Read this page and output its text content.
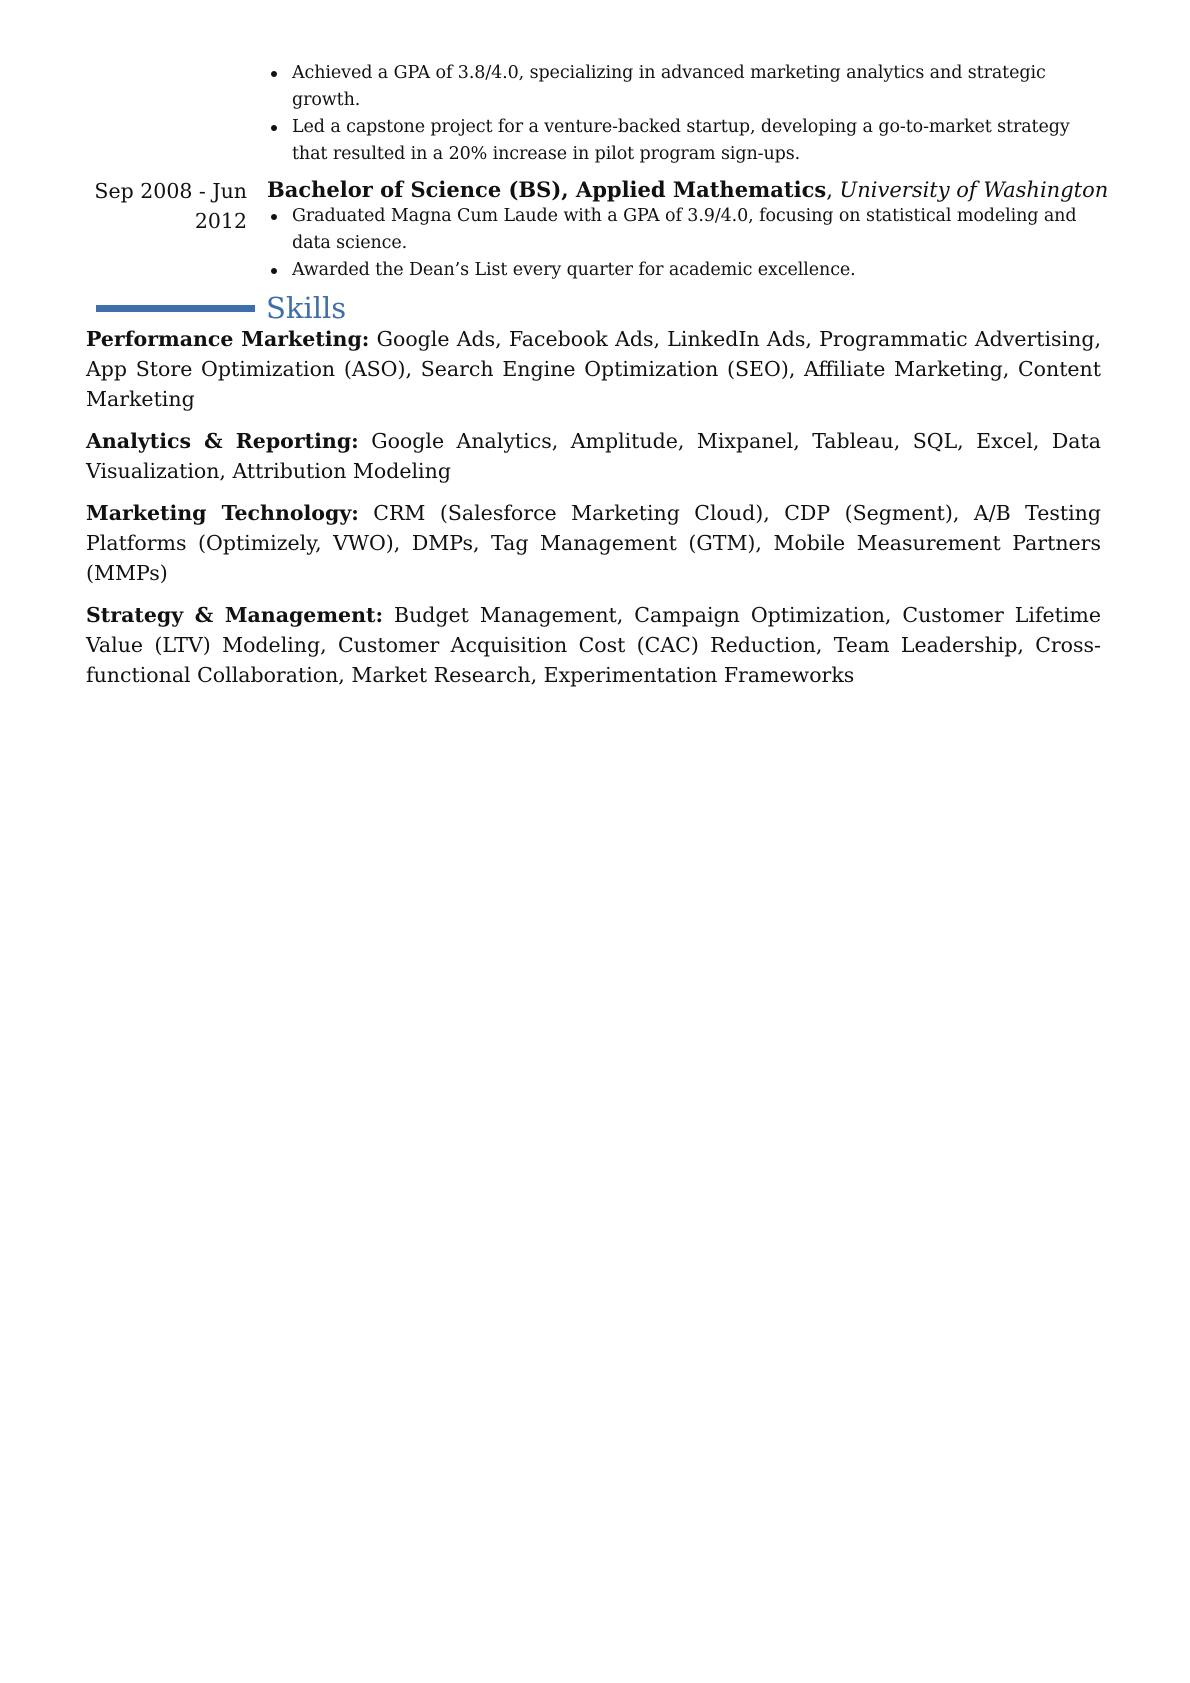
Achieved a GPA of 3.8/4.0, specializing in advanced marketing analytics and strategic growth.
Led a capstone project for a venture-backed startup, developing a go-to-market strategy that resulted in a 20% increase in pilot program sign-ups.
Sep 2008 - Jun 2012
Bachelor of Science (BS), Applied Mathematics, University of Washington
Graduated Magna Cum Laude with a GPA of 3.9/4.0, focusing on statistical modeling and data science.
Awarded the Dean’s List every quarter for academic excellence.
Skills

Performance Marketing: Google Ads, Facebook Ads, LinkedIn Ads, Programmatic Advertising, App Store Optimization (ASO), Search Engine Optimization (SEO), Affiliate Marketing, Content Marketing

Analytics & Reporting: Google Analytics, Amplitude, Mixpanel, Tableau, SQL, Excel, Data Visualization, Attribution Modeling

Marketing Technology: CRM (Salesforce Marketing Cloud), CDP (Segment), A/B Testing Platforms (Optimizely, VWO), DMPs, Tag Management (GTM), Mobile Measurement Partners (MMPs)

Strategy & Management: Budget Management, Campaign Optimization, Customer Lifetime Value (LTV) Modeling, Customer Acquisition Cost (CAC) Reduction, Team Leadership, Cross-functional Collaboration, Market Research, Experimentation Frameworks
